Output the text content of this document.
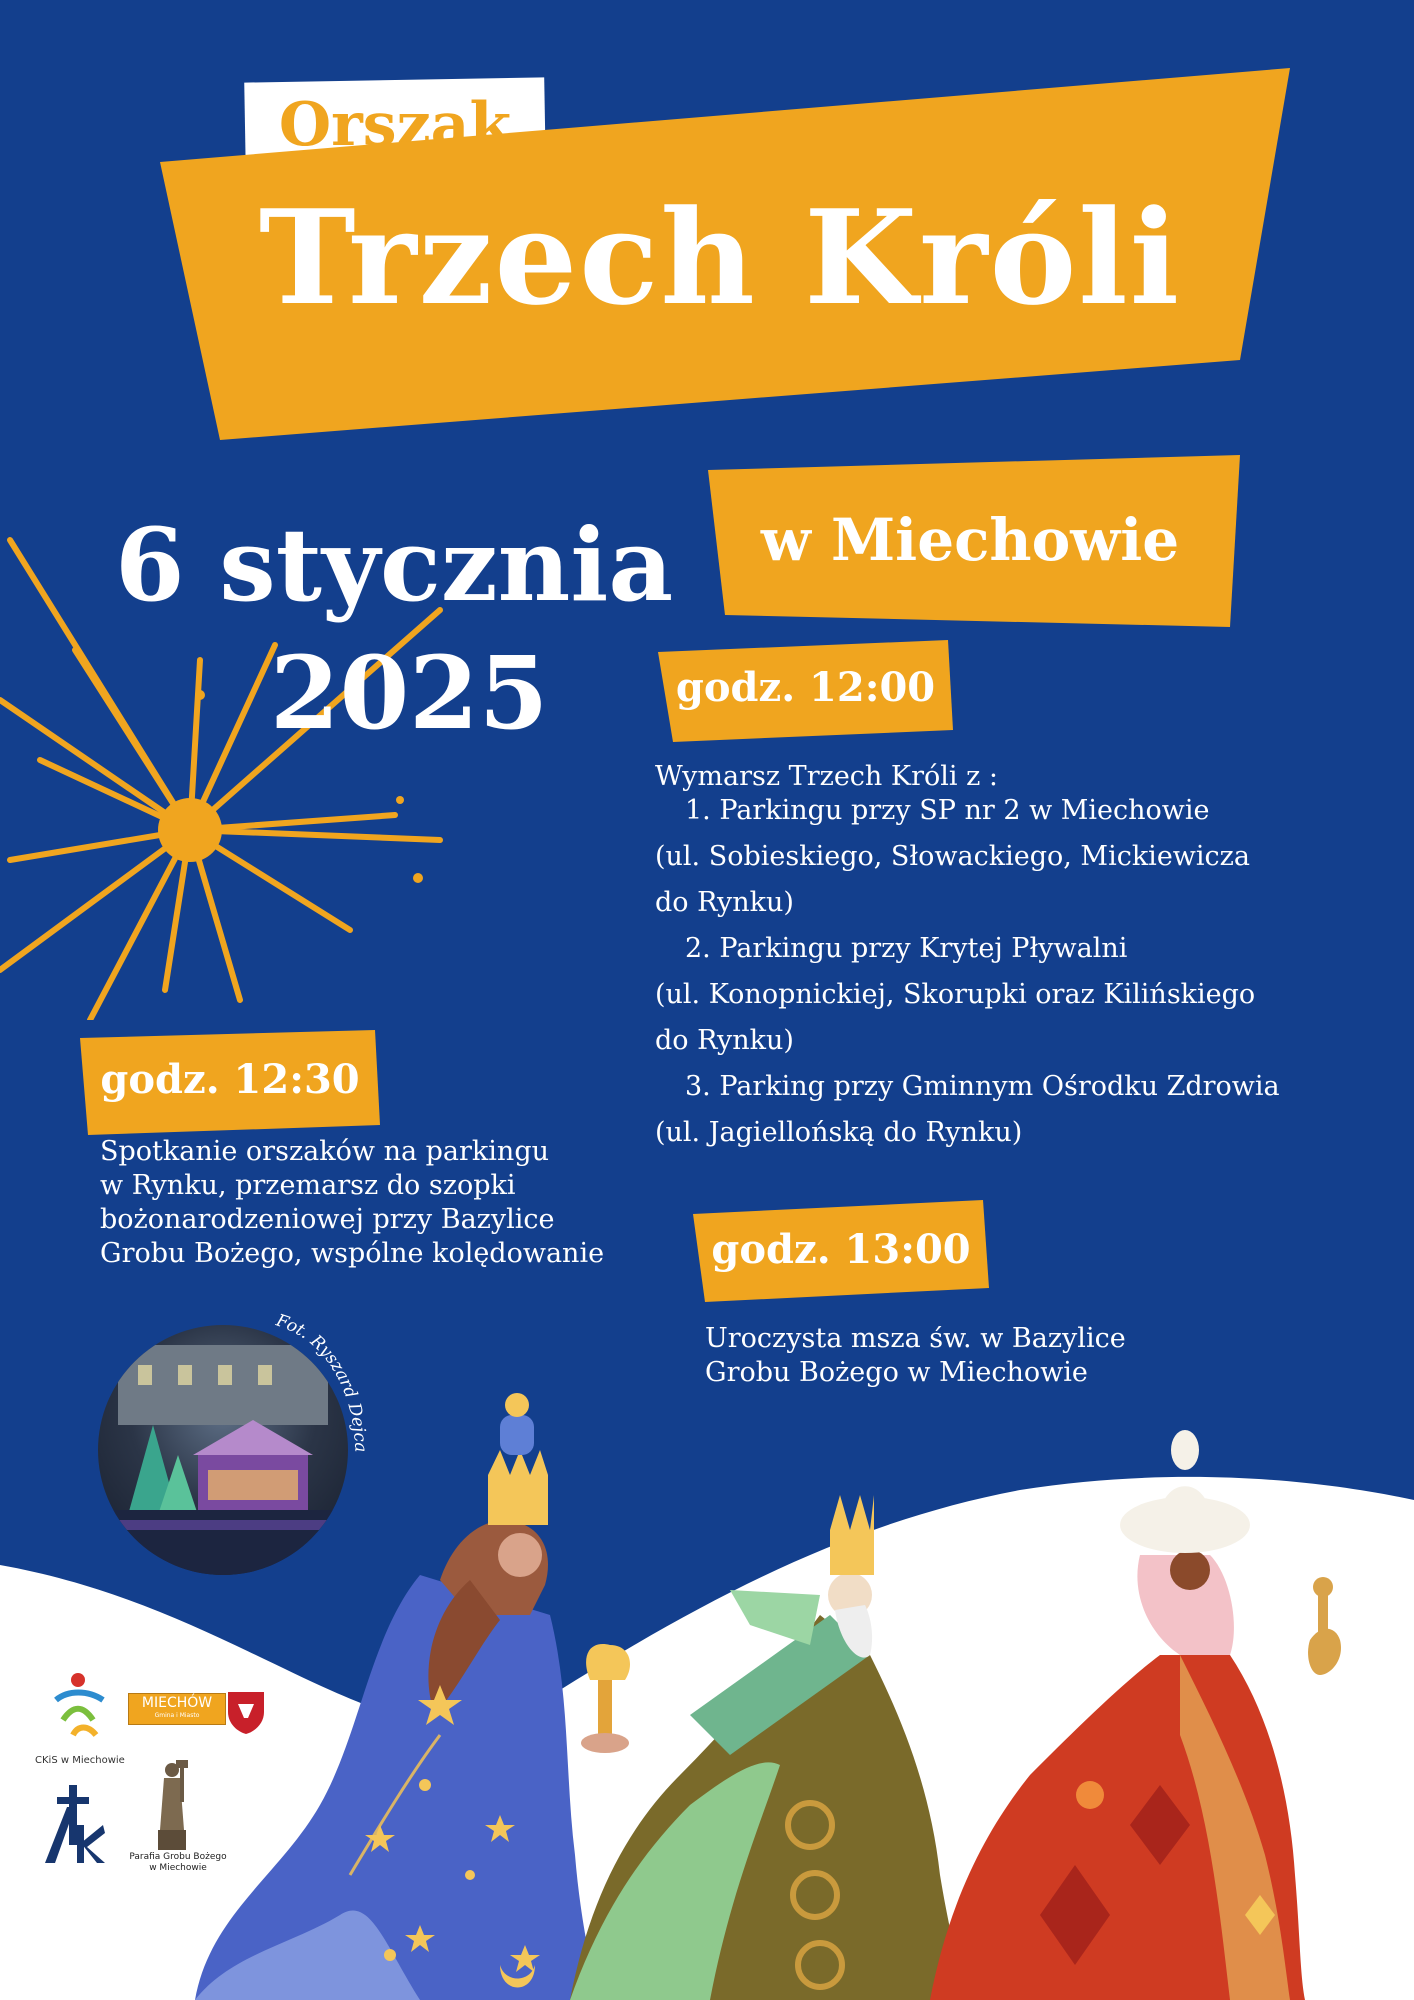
Orszak
Trzech Króli
w Miechowie
6 stycznia
2025	godz. 12:00
Wymarsz Trzech Króli z :
1. Parkingu przy SP nr 2 w Miechowie
(ul. Sobieskiego, Słowackiego, Mickiewicza
do Rynku)
2. Parkingu przy Krytej Pływalni
(ul. Konopnickiej, Skorupki oraz Kilińskiego
do Rynku)
3. Parking przy Gminnym Ośrodku Zdrowia
(ul. Jagiellońską do Rynku)
godz. 12:30
Spotkanie orszaków na parkingu
w Rynku, przemarsz do szopki
bożonarodzeniowej przy Bazylice
Grobu Bożego, wspólne kolędowanie	godz. 13:00
Uroczysta msza św. w Bazylice
Grobu Bożego w Miechowie
Fot. Ryszard Dejca
CKiS w Miechowie
MIECHÓW
Gmina i Miasto
Parafia Grobu Bożego
w Miechowie
